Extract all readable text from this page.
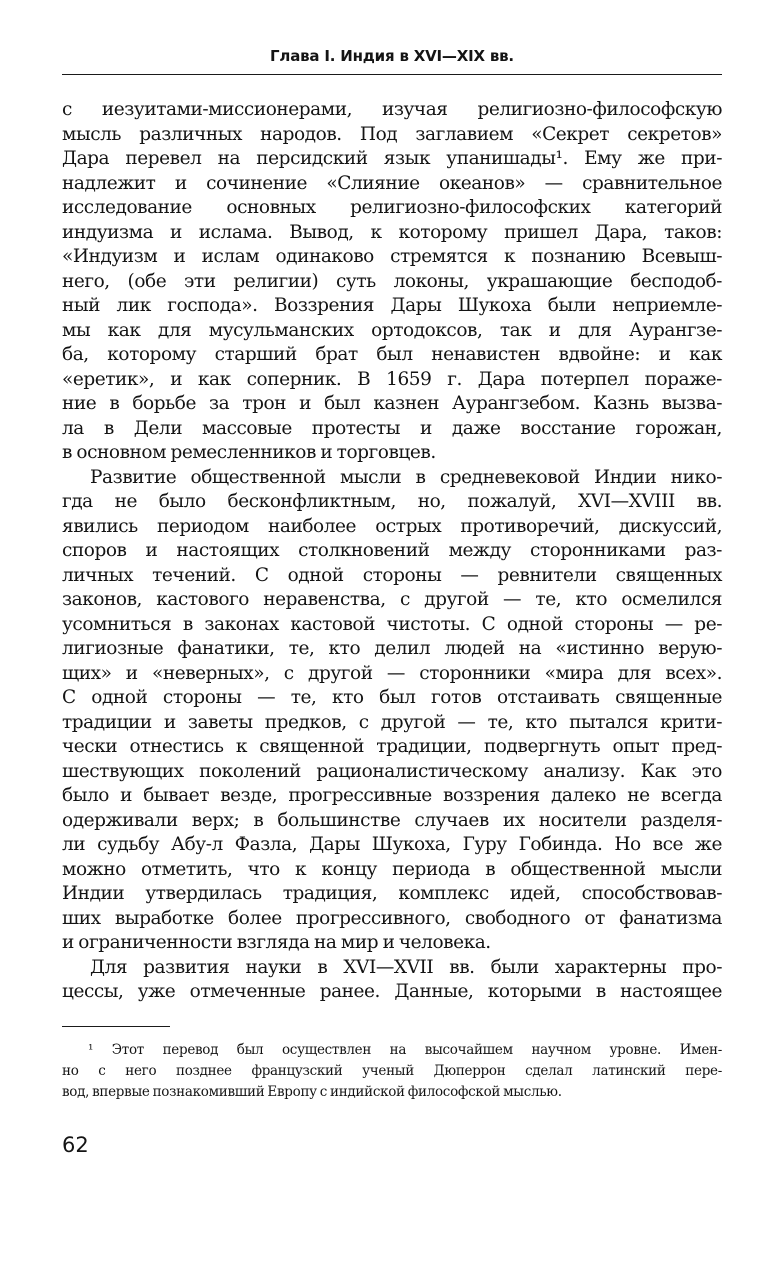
Глава I. Индия в XVI—XIX вв.
с иезуитами-миссионерами, изучая религиозно-философскую
мысль различных народов. Под заглавием «Секрет секретов»
Дара перевел на персидский язык упанишады¹. Ему же при-
надлежит и сочинение «Слияние океанов» — сравнительное
исследование основных религиозно-философских категорий
индуизма и ислама. Вывод, к которому пришел Дара, таков:
«Индуизм и ислам одинаково стремятся к познанию Всевыш-
него, (обе эти религии) суть локоны, украшающие бесподоб-
ный лик господа». Воззрения Дары Шукоха были неприемле-
мы как для мусульманских ортодоксов, так и для Аурангзе-
ба, которому старший брат был ненавистен вдвойне: и как
«еретик», и как соперник. В 1659 г. Дара потерпел пораже-
ние в борьбе за трон и был казнен Аурангзебом. Казнь вызва-
ла в Дели массовые протесты и даже восстание горожан,
в основном ремесленников и торговцев.
Развитие общественной мысли в средневековой Индии нико-
гда не было бесконфликтным, но, пожалуй, XVI—XVIII вв.
явились периодом наиболее острых противоречий, дискуссий,
споров и настоящих столкновений между сторонниками раз-
личных течений. С одной стороны — ревнители священных
законов, кастового неравенства, с другой — те, кто осмелился
усомниться в законах кастовой чистоты. С одной стороны — ре-
лигиозные фанатики, те, кто делил людей на «истинно верую-
щих» и «неверных», с другой — сторонники «мира для всех».
С одной стороны — те, кто был готов отстаивать священные
традиции и заветы предков, с другой — те, кто пытался крити-
чески отнестись к священной традиции, подвергнуть опыт пред-
шествующих поколений рационалистическому анализу. Как это
было и бывает везде, прогрессивные воззрения далеко не всегда
одерживали верх; в большинстве случаев их носители разделя-
ли судьбу Абу-л Фазла, Дары Шукоха, Гуру Гобинда. Но все же
можно отметить, что к концу периода в общественной мысли
Индии утвердилась традиция, комплекс идей, способствовав-
ших выработке более прогрессивного, свободного от фанатизма
и ограниченности взгляда на мир и человека.
Для развития науки в XVI—XVII вв. были характерны про-
цессы, уже отмеченные ранее. Данные, которыми в настоящее
¹ Этот перевод был осуществлен на высочайшем научном уровне. Имен-
но с него позднее французский ученый Дюперрон сделал латинский пере-
вод, впервые познакомивший Европу с индийской философской мыслью.
62
